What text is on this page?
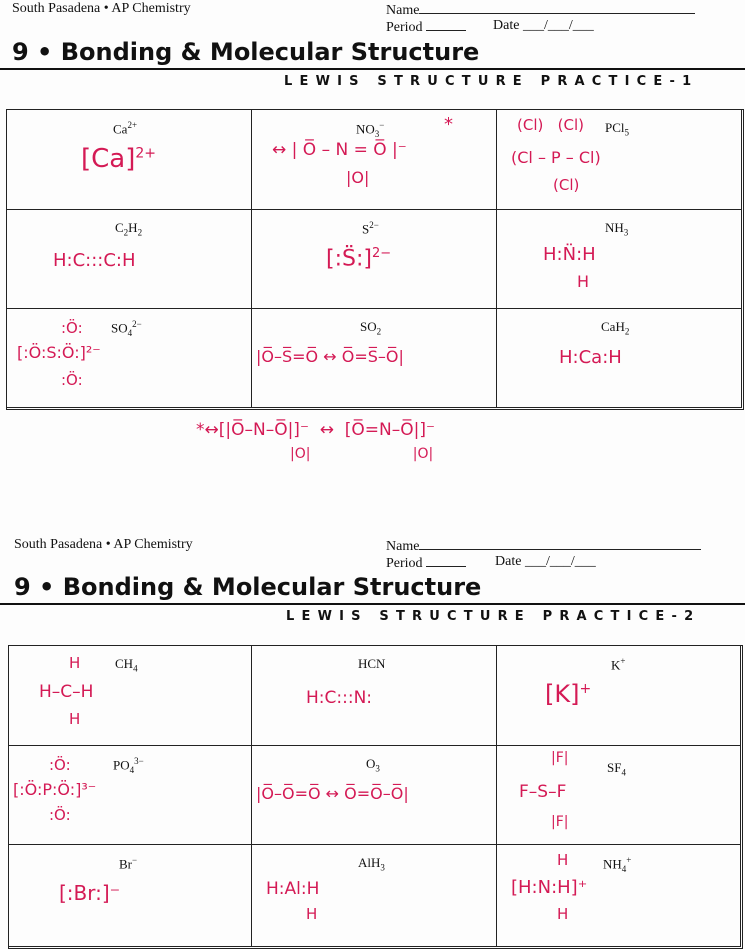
South Pasadena • AP Chemistry	Name
Period	Date ___/___/___
9 • Bonding & Molecular Structure
LEWIS STRUCTURE PRACTICE-1
$Ca^{2+}$
$[Ca]^{2+}$
$NO_3^-$	*
↔ | O̅ – N = O̅ |⁻
|O|
PCl$_5$
(Cl)   (Cl)
(Cl – P – Cl)
(Cl)
$C_2H_2$
H:C:::C:H
$S^{2-}$
[:S̈:]$^{2-}$
$NH_3$
H:N̈:H
H
$SO_4^{2-}$
:Ö:
[:Ö:S:Ö:]²⁻
:Ö:
$SO_2$
|O̅–S̅=O̅ ↔ O̅=S̅–O̅|
CaH$_2$
H:Ca:H
*↔[|O̅–N–O̅|]⁻  ↔  [O̅=N–O̅|]⁻
|O|                       |O|
South Pasadena • AP Chemistry	Name
Period	Date ___/___/___
9 • Bonding & Molecular Structure
LEWIS STRUCTURE PRACTICE-2
$CH_4$
H
H–C–H
H
HCN
H:C:::N:
K+
[K]+
$PO_4^{3-}$
:Ö:
[:Ö:P:Ö:]³⁻
:Ö:
$O_3$
|O̅–O̅=O̅ ↔ O̅=O̅–O̅|
$SF_4$
|F|
F–S–F
|F|
Br−
[:Br:]⁻
AlH$_3$
H:Al:H
H
$NH_4^+$
H
[H:N:H]⁺
H
